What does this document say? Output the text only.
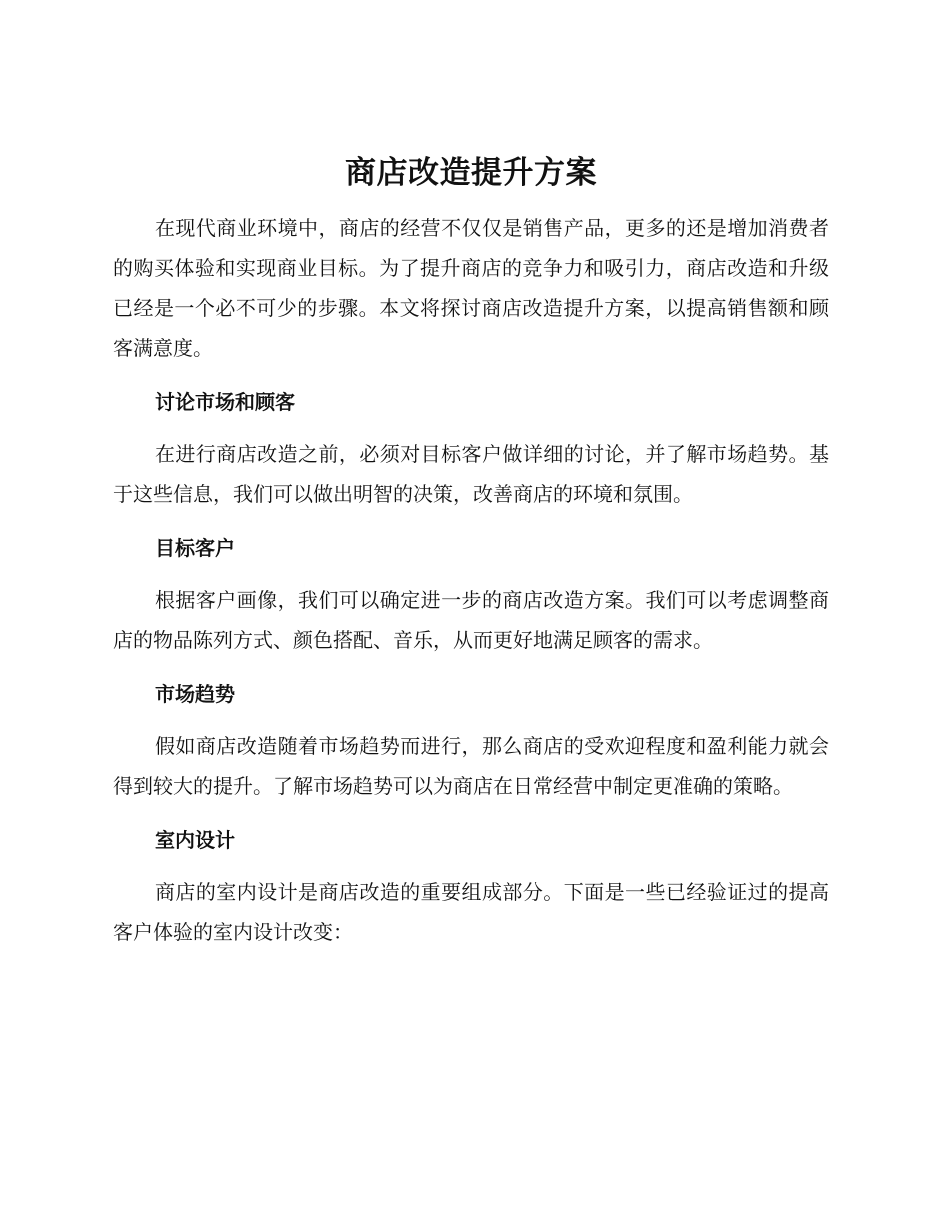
商店改造提升方案

在现代商业环境中，商店的经营不仅仅是销售产品，更多的还是增加消费者的购买体验和实现商业目标。为了提升商店的竞争力和吸引力，商店改造和升级已经是一个必不可少的步骤。本文将探讨商店改造提升方案，以提高销售额和顾客满意度。

讨论市场和顾客

在进行商店改造之前，必须对目标客户做详细的讨论，并了解市场趋势。基于这些信息，我们可以做出明智的决策，改善商店的环境和氛围。

目标客户

根据客户画像，我们可以确定进一步的商店改造方案。我们可以考虑调整商店的物品陈列方式、颜色搭配、音乐，从而更好地满足顾客的需求。

市场趋势

假如商店改造随着市场趋势而进行，那么商店的受欢迎程度和盈利能力就会得到较大的提升。了解市场趋势可以为商店在日常经营中制定更准确的策略。

室内设计

商店的室内设计是商店改造的重要组成部分。下面是一些已经验证过的提高客户体验的室内设计改变：
